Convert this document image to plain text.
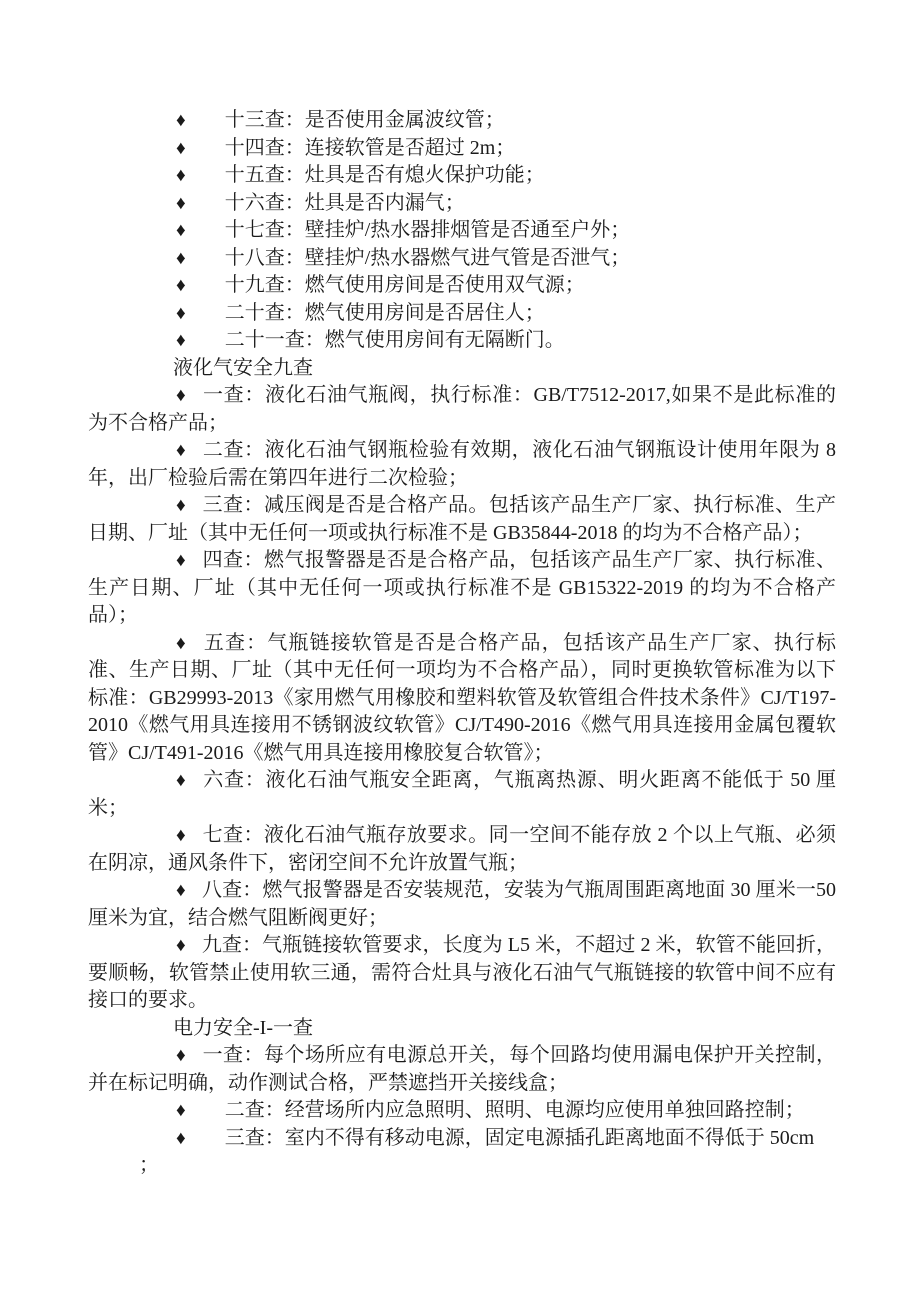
♦ 十三查：是否使用金属波纹管；

♦ 十四查：连接软管是否超过 2m；

♦ 十五查：灶具是否有熄火保护功能；

♦ 十六查：灶具是否内漏气；

♦ 十七查：壁挂炉/热水器排烟管是否通至户外；

♦ 十八查：壁挂炉/热水器燃气进气管是否泄气；

♦ 十九查：燃气使用房间是否使用双气源；

♦ 二十查：燃气使用房间是否居住人；

♦ 二十一查：燃气使用房间有无隔断门。

液化气安全九查

♦ 一查：液化石油气瓶阀，执行标准：GB/T7512-2017,如果不是此标准的为不合格产品；

♦ 二查：液化石油气钢瓶检验有效期，液化石油气钢瓶设计使用年限为 8 年，出厂检验后需在第四年进行二次检验；

♦ 三查：减压阀是否是合格产品。包括该产品生产厂家、执行标准、生产日期、厂址（其中无任何一项或执行标准不是 GB35844-2018 的均为不合格产品）；

♦ 四查：燃气报警器是否是合格产品，包括该产品生产厂家、执行标准、生产日期、厂址（其中无任何一项或执行标准不是 GB15322-2019 的均为不合格产品）；

♦ 五查：气瓶链接软管是否是合格产品，包括该产品生产厂家、执行标准、生产日期、厂址（其中无任何一项均为不合格产品），同时更换软管标准为以下标准：GB29993-2013《家用燃气用橡胶和塑料软管及软管组合件技术条件》CJ/T197-2010《燃气用具连接用不锈钢波纹软管》CJ/T490-2016《燃气用具连接用金属包覆软管》CJ/T491-2016《燃气用具连接用橡胶复合软管》；

♦ 六查：液化石油气瓶安全距离，气瓶离热源、明火距离不能低于 50 厘米；

♦ 七查：液化石油气瓶存放要求。同一空间不能存放 2 个以上气瓶、必须在阴凉，通风条件下，密闭空间不允许放置气瓶；

♦ 八查：燃气报警器是否安装规范，安装为气瓶周围距离地面 30 厘米一50 厘米为宜，结合燃气阻断阀更好；

♦ 九查：气瓶链接软管要求，长度为 L5 米，不超过 2 米，软管不能回折，要顺畅，软管禁止使用软三通，需符合灶具与液化石油气气瓶链接的软管中间不应有接口的要求。

电力安全-I-一查

♦ 一查：每个场所应有电源总开关，每个回路均使用漏电保护开关控制，并在标记明确，动作测试合格，严禁遮挡开关接线盒；

♦ 二查：经营场所内应急照明、照明、电源均应使用单独回路控制；

♦ 三查：室内不得有移动电源，固定电源插孔距离地面不得低于 50cm
；
